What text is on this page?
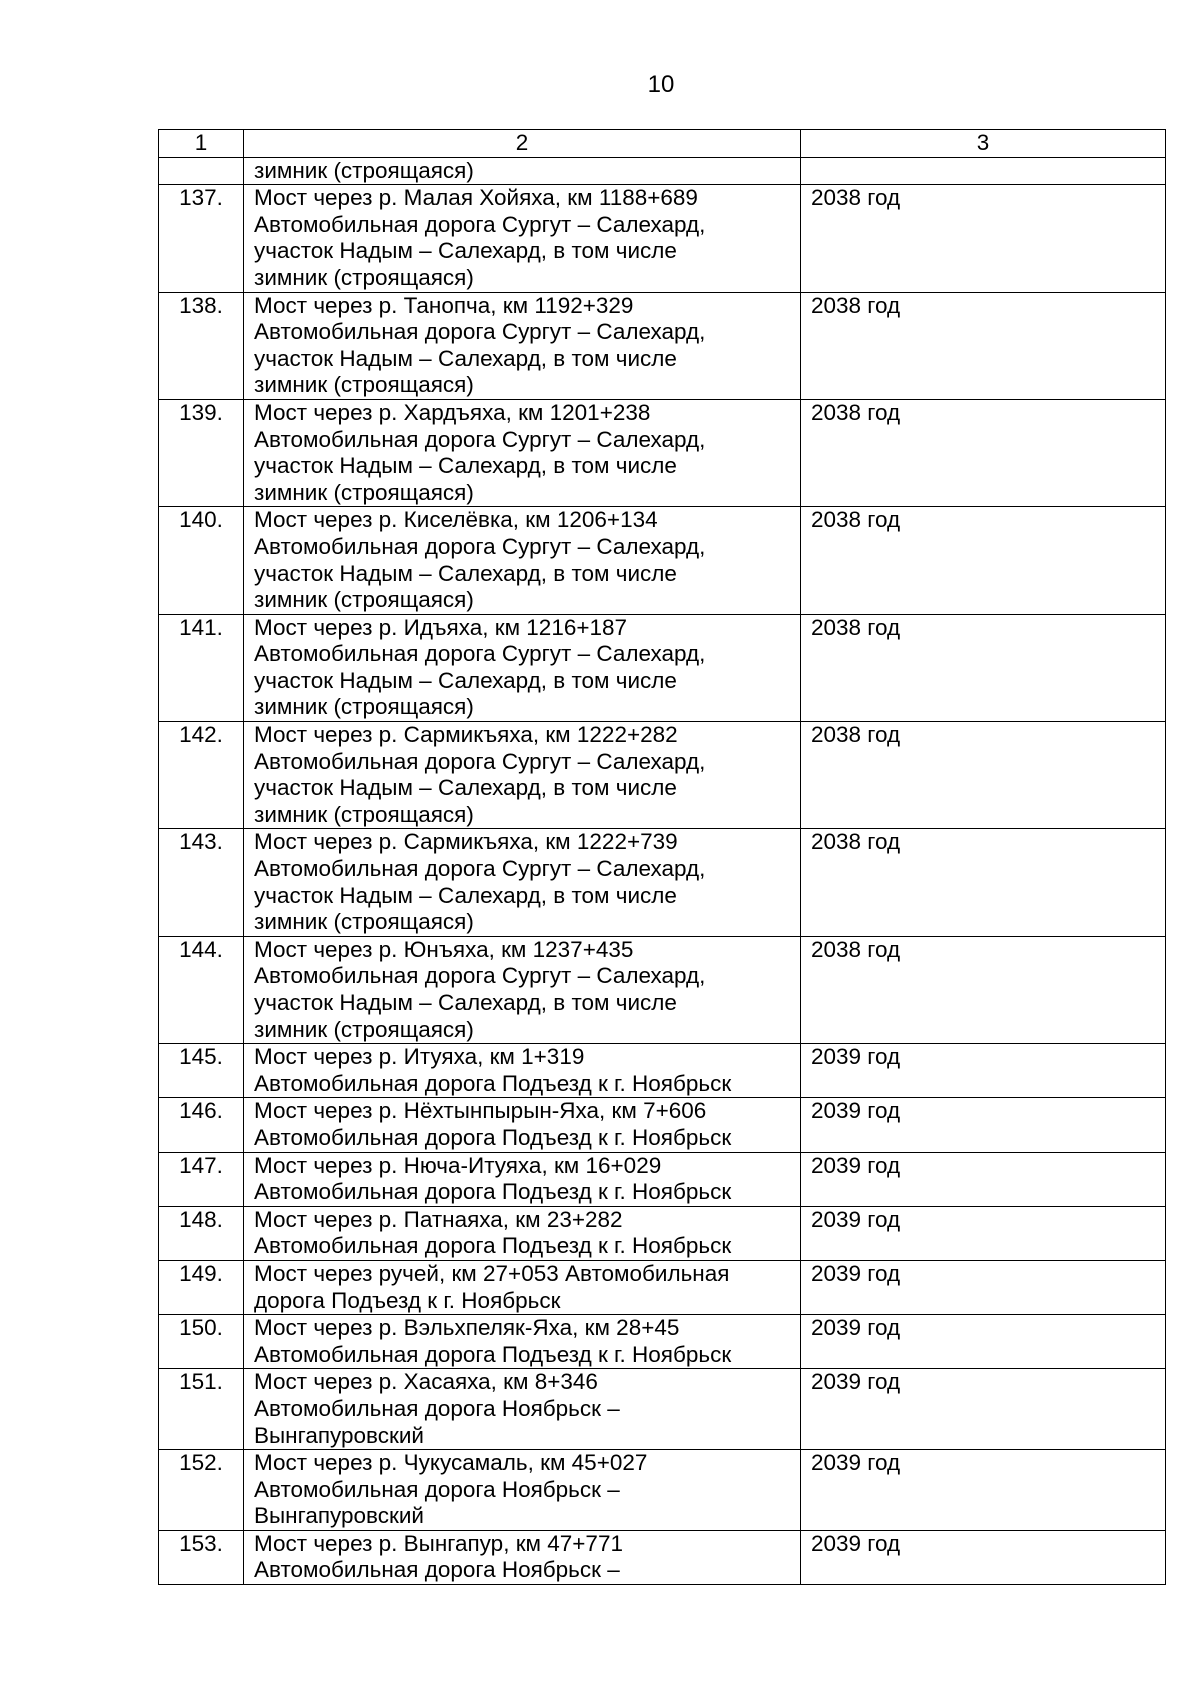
10
1	2	3

	зимник (строящаяся)	

137.	Мост через р. Малая Хойяха, км 1188+689
Автомобильная дорога Сургут – Салехард,
участок Надым – Салехард, в том числе
зимник (строящаяся)	2038 год

138.	Мост через р. Танопча, км 1192+329
Автомобильная дорога Сургут – Салехард,
участок Надым – Салехард, в том числе
зимник (строящаяся)	2038 год

139.	Мост через р. Хардъяха, км 1201+238
Автомобильная дорога Сургут – Салехард,
участок Надым – Салехард, в том числе
зимник (строящаяся)	2038 год

140.	Мост через р. Киселёвка, км 1206+134
Автомобильная дорога Сургут – Салехард,
участок Надым – Салехард, в том числе
зимник (строящаяся)	2038 год

141.	Мост через р. Идъяха, км 1216+187
Автомобильная дорога Сургут – Салехард,
участок Надым – Салехард, в том числе
зимник (строящаяся)	2038 год

142.	Мост через р. Сармикъяха, км 1222+282
Автомобильная дорога Сургут – Салехард,
участок Надым – Салехард, в том числе
зимник (строящаяся)	2038 год

143.	Мост через р. Сармикъяха, км 1222+739
Автомобильная дорога Сургут – Салехард,
участок Надым – Салехард, в том числе
зимник (строящаяся)	2038 год

144.	Мост через р. Юнъяха, км 1237+435
Автомобильная дорога Сургут – Салехард,
участок Надым – Салехард, в том числе
зимник (строящаяся)	2038 год

145.	Мост через р. Итуяха, км 1+319
Автомобильная дорога Подъезд к г. Ноябрьск	2039 год

146.	Мост через р. Нёхтынпырын-Яха, км 7+606
Автомобильная дорога Подъезд к г. Ноябрьск	2039 год

147.	Мост через р. Нюча-Итуяха, км 16+029
Автомобильная дорога Подъезд к г. Ноябрьск	2039 год

148.	Мост через р. Патнаяха, км 23+282
Автомобильная дорога Подъезд к г. Ноябрьск	2039 год

149.	Мост через ручей, км 27+053 Автомобильная
дорога Подъезд к г. Ноябрьск	2039 год

150.	Мост через р. Вэльхпеляк-Яха, км 28+45
Автомобильная дорога Подъезд к г. Ноябрьск	2039 год

151.	Мост через р. Хасаяха, км 8+346
Автомобильная дорога Ноябрьск –
Вынгапуровский	2039 год

152.	Мост через р. Чукусамаль, км 45+027
Автомобильная дорога Ноябрьск –
Вынгапуровский	2039 год

153.	Мост через р. Вынгапур, км 47+771
Автомобильная дорога Ноябрьск –	2039 год
